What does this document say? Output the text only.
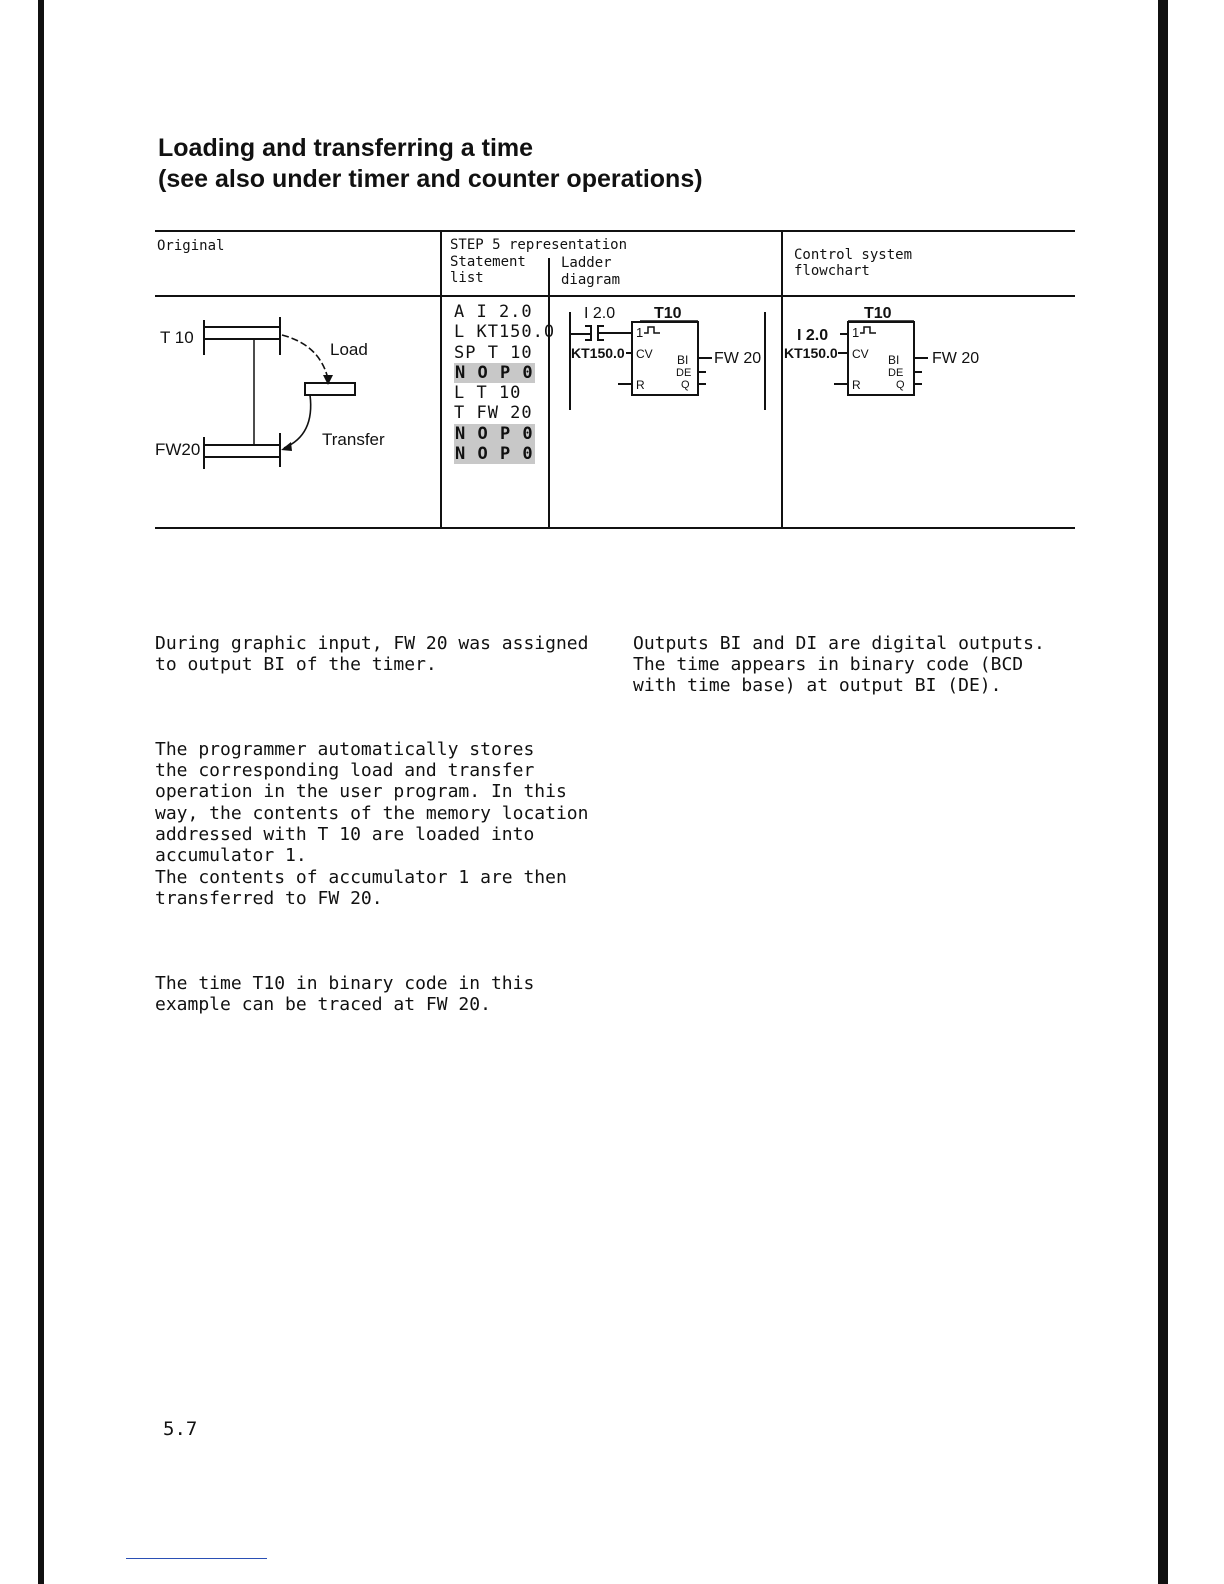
Loading and transferring a time
(see also under timer and counter operations)
Original	STEP 5 representation
Statement
list
Ladder
diagram
Control system
flowchart
T 10
FW20
Load
Transfer
A I 2.0
L KT150.0
SP T 10
N O P 0
L T 10
T FW 20
N O P 0
N O P 0
I 2.0 T10
1
KT150.0 CV BI
DE
Q
R
FW 20
T10
I 2.0 1
KT150.0 CV BI
DE
Q
R
FW 20

During graphic input, FW 20 was assigned
to output BI of the timer.

The programmer automatically stores
the corresponding load and transfer
operation in the user program. In this
way, the contents of the memory location
addressed with T 10 are loaded into
accumulator 1.
The contents of accumulator 1 are then
transferred to FW 20.

The time T10 in binary code in this
example can be traced at FW 20.

Outputs BI and DI are digital outputs.
The time appears in binary code (BCD
with time base) at output BI (DE).

5.7
